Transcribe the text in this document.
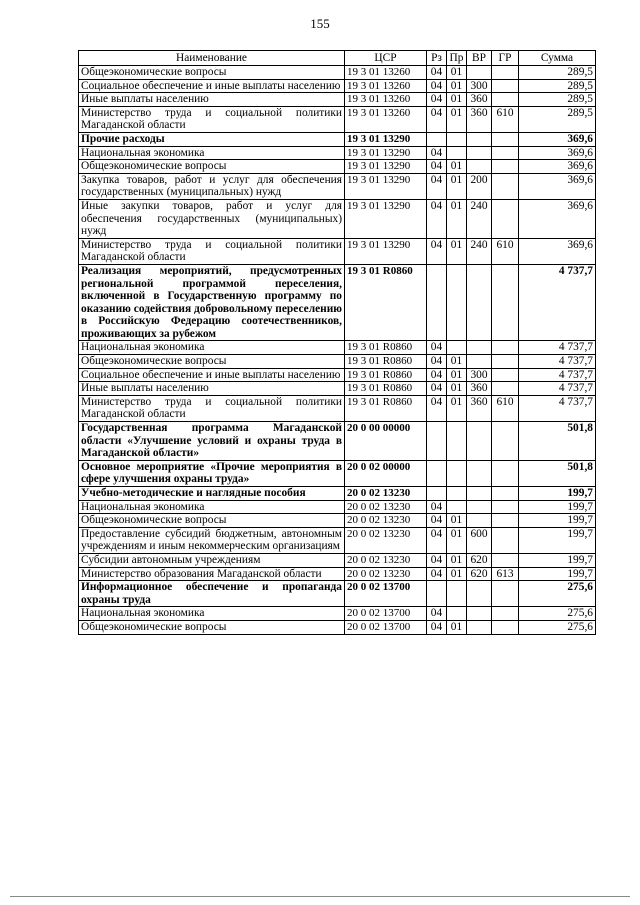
155
Наименование	ЦСР	Рз	Пр	ВР	ГР	Сумма
Общеэкономические вопросы	19 3 01 13260	04	01			289,5
Социальное обеспечение и иные выплаты населению	19 3 01 13260	04	01	300		289,5
Иные выплаты населению	19 3 01 13260	04	01	360		289,5
Министерство труда и социальной политики Магаданской области	19 3 01 13260	04	01	360	610	289,5
Прочие расходы	19 3 01 13290					369,6
Национальная экономика	19 3 01 13290	04				369,6
Общеэкономические вопросы	19 3 01 13290	04	01			369,6
Закупка товаров, работ и услуг для обеспечения государственных (муниципальных) нужд	19 3 01 13290	04	01	200		369,6
Иные закупки товаров, работ и услуг для обеспечения государственных (муниципальных) нужд	19 3 01 13290	04	01	240		369,6
Министерство труда и социальной политики Магаданской области	19 3 01 13290	04	01	240	610	369,6
Реализация мероприятий, предусмотренных региональной программой переселения, включенной в Государственную программу по оказанию содействия добровольному переселению в Российскую Федерацию соотечественников, проживающих за рубежом	19 3 01 R0860					4 737,7
Национальная экономика	19 3 01 R0860	04				4 737,7
Общеэкономические вопросы	19 3 01 R0860	04	01			4 737,7
Социальное обеспечение и иные выплаты населению	19 3 01 R0860	04	01	300		4 737,7
Иные выплаты населению	19 3 01 R0860	04	01	360		4 737,7
Министерство труда и социальной политики Магаданской области	19 3 01 R0860	04	01	360	610	4 737,7
Государственная программа Магаданской области «Улучшение условий и охраны труда в Магаданской области»	20 0 00 00000					501,8
Основное мероприятие «Прочие мероприятия в сфере улучшения охраны труда»	20 0 02 00000					501,8
Учебно-методические и наглядные пособия	20 0 02 13230					199,7
Национальная экономика	20 0 02 13230	04				199,7
Общеэкономические вопросы	20 0 02 13230	04	01			199,7
Предоставление субсидий бюджетным, автономным учреждениям и иным некоммерческим организациям	20 0 02 13230	04	01	600		199,7
Субсидии автономным учреждениям	20 0 02 13230	04	01	620		199,7
Министерство образования Магаданской области	20 0 02 13230	04	01	620	613	199,7
Информационное обеспечение и пропаганда охраны труда	20 0 02 13700					275,6
Национальная экономика	20 0 02 13700	04				275,6
Общеэкономические вопросы	20 0 02 13700	04	01			275,6
